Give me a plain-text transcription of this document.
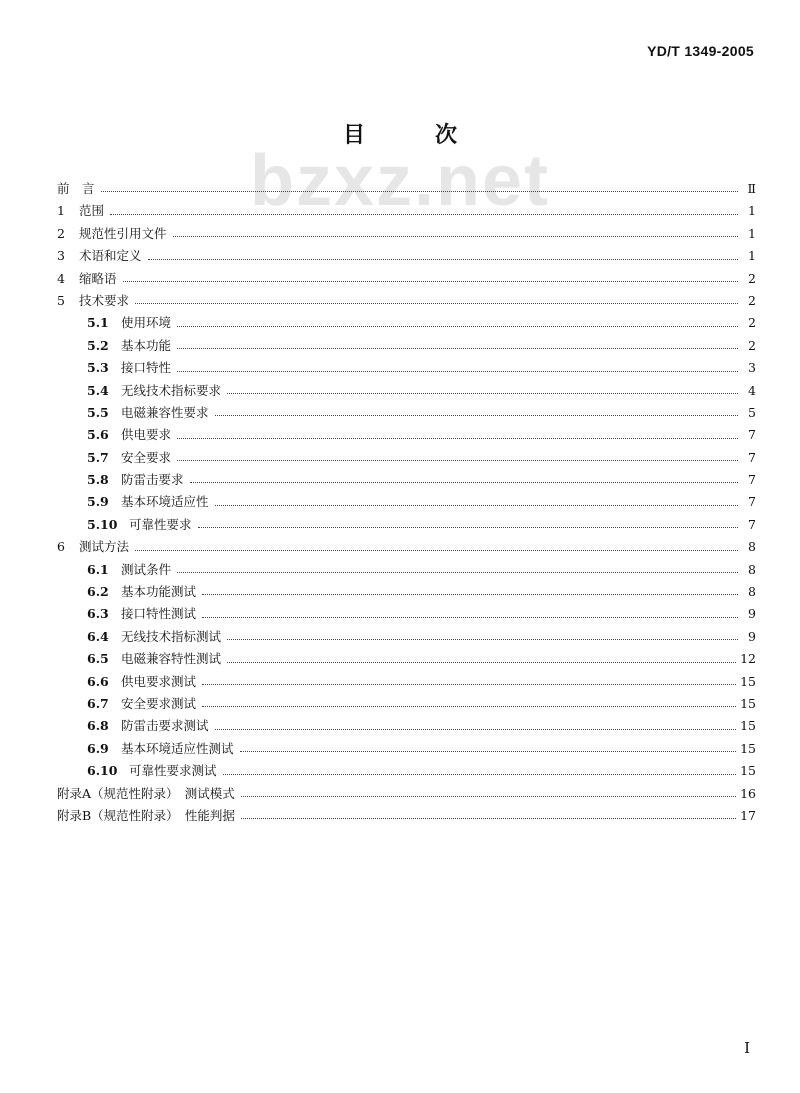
bzxz.net
YD/T 1349-2005
目	次
前　言	Ⅱ
1	范围	1
2	规范性引用文件	1
3	术语和定义	1
4	缩略语	2
5	技术要求	2
5.1 使用环境	2
5.2 基本功能	2
5.3 接口特性	3
5.4 无线技术指标要求	4
5.5 电磁兼容性要求	5
5.6 供电要求	7
5.7 安全要求	7
5.8 防雷击要求	7
5.9 基本环境适应性	7
5.10 可靠性要求	7
6	测试方法	8
6.1 测试条件	8
6.2 基本功能测试	8
6.3 接口特性测试	9
6.4 无线技术指标测试	9
6.5 电磁兼容特性测试	12
6.6 供电要求测试	15
6.7 安全要求测试	15
6.8 防雷击要求测试	15
6.9 基本环境适应性测试	15
6.10 可靠性要求测试	15
附录A（规范性附录）　测试模式	16
附录B（规范性附录）　性能判据	17
I
